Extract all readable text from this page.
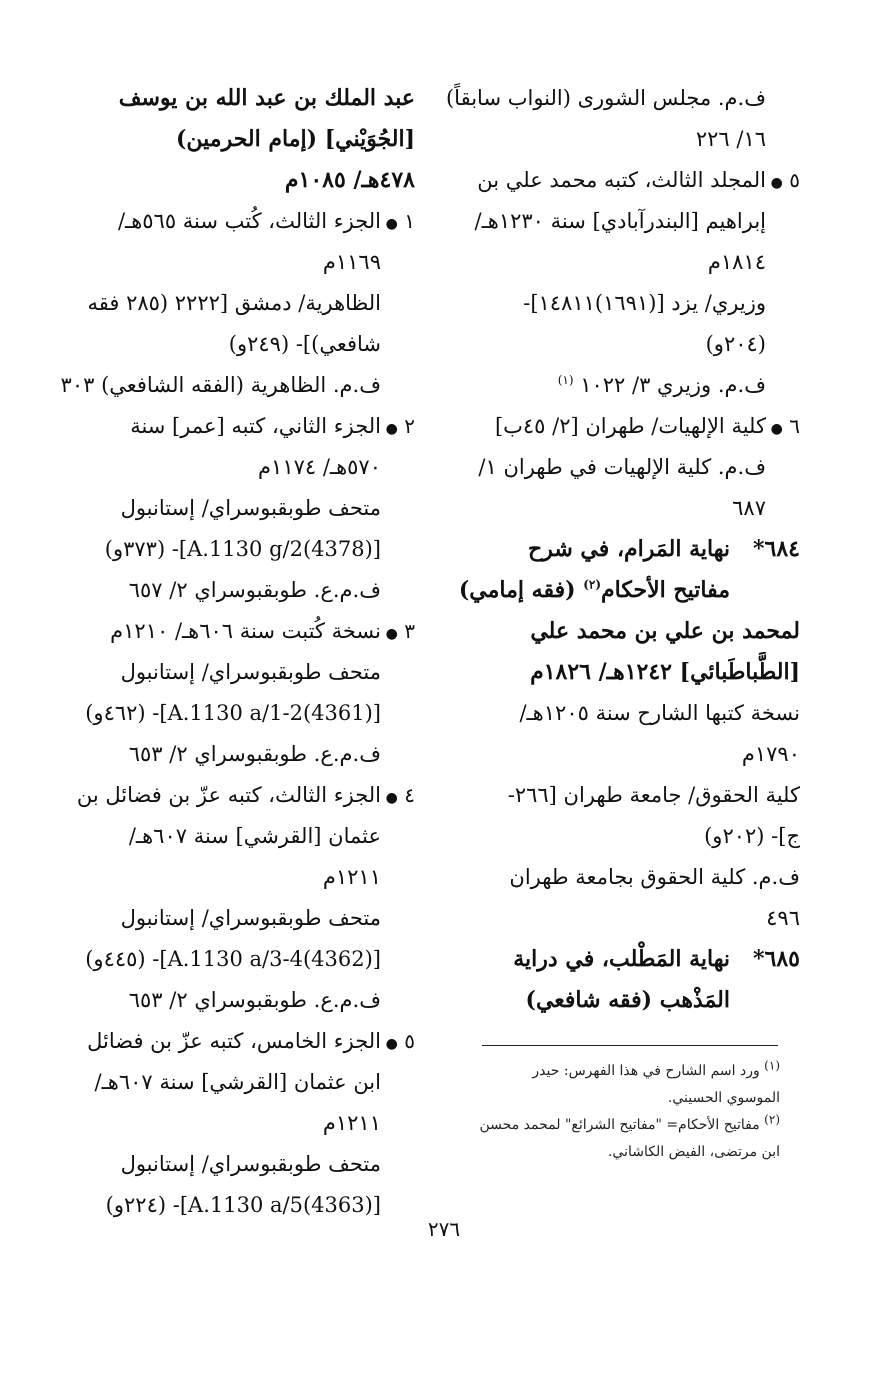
ف.م. مجلس الشورى (النواب سابقاً)
١٦/ ٢٢٦
٥ ●
المجلد الثالث، كتبه محمد علي بن
إبراهيم [البندرآبادي] سنة ١٢٣٠هـ/
١٨١٤م
وزيري/ يزد [(١٦٩١)١٤٨١١]-
(٢٠٤و)
ف.م. وزيري ٣/ ١٠٢٢ $^{(١)}$
٦ ●
كلية الإلهيات/ طهران [٢/ ٤٥ب]
ف.م. كلية الإلهيات في طهران ١/
٦٨٧
٦٨٤*
نهاية المَرام، في شرح
مفاتيح الأحكام$^{(٢)}$ (فقه إمامي)
لمحمد بن علي بن محمد علي
[الطَّباطَبائي] ١٢٤٢هـ/ ١٨٢٦م
نسخة كتبها الشارح سنة ١٢٠٥هـ/
١٧٩٠م
كلية الحقوق/ جامعة طهران [٢٦٦-
ج]- (٢٠٢و)
ف.م. كلية الحقوق بجامعة طهران
٤٩٦
٦٨٥*
نهاية المَطْلب، في دراية
المَذْهب (فقه شافعي)
عبد الملك بن عبد الله بن يوسف
[الجُوَيْني] (إمام الحرمين)
٤٧٨هـ/ ١٠٨٥م
١ ●
الجزء الثالث، كُتب سنة ٥٦٥هـ/
١١٦٩م
الظاهرية/ دمشق [٢٢٢٢ (٢٨٥ فقه
شافعي)]- (٢٤٩و)
ف.م. الظاهرية (الفقه الشافعي) ٣٠٣
٢ ●
الجزء الثاني، كتبه [عمر] سنة
٥٧٠هـ/ ١١٧٤م
متحف طوبقبوسراي/ إستانبول
[(4378)A.1130 g/2]- (٣٧٣و)
ف.م.ع. طوبقبوسراي ٢/ ٦٥٧
٣ ●
نسخة كُتبت سنة ٦٠٦هـ/ ١٢١٠م
متحف طوبقبوسراي/ إستانبول
[(4361)A.1130 a/1-2]- (٤٦٢و)
ف.م.ع. طوبقبوسراي ٢/ ٦٥٣
٤ ●
الجزء الثالث، كتبه عزّ بن فضائل بن
عثمان [القرشي] سنة ٦٠٧هـ/
١٢١١م
متحف طوبقبوسراي/ إستانبول
[(4362)A.1130 a/3-4]- (٤٤٥و)
ف.م.ع. طوبقبوسراي ٢/ ٦٥٣
٥ ●
الجزء الخامس، كتبه عزّ بن فضائل
ابن عثمان [القرشي] سنة ٦٠٧هـ/
١٢١١م
متحف طوبقبوسراي/ إستانبول
[(4363)A.1130 a/5]- (٢٢٤و)
$^{(١)}$ ورد اسم الشارح في هذا الفهرس: حيدر
الموسوي الحسيني.
$^{(٢)}$ مفاتيح الأحكام= "مفاتيح الشرائع" لمحمد محسن
ابن مرتضى، الفيض الكاشاني.
٢٧٦
